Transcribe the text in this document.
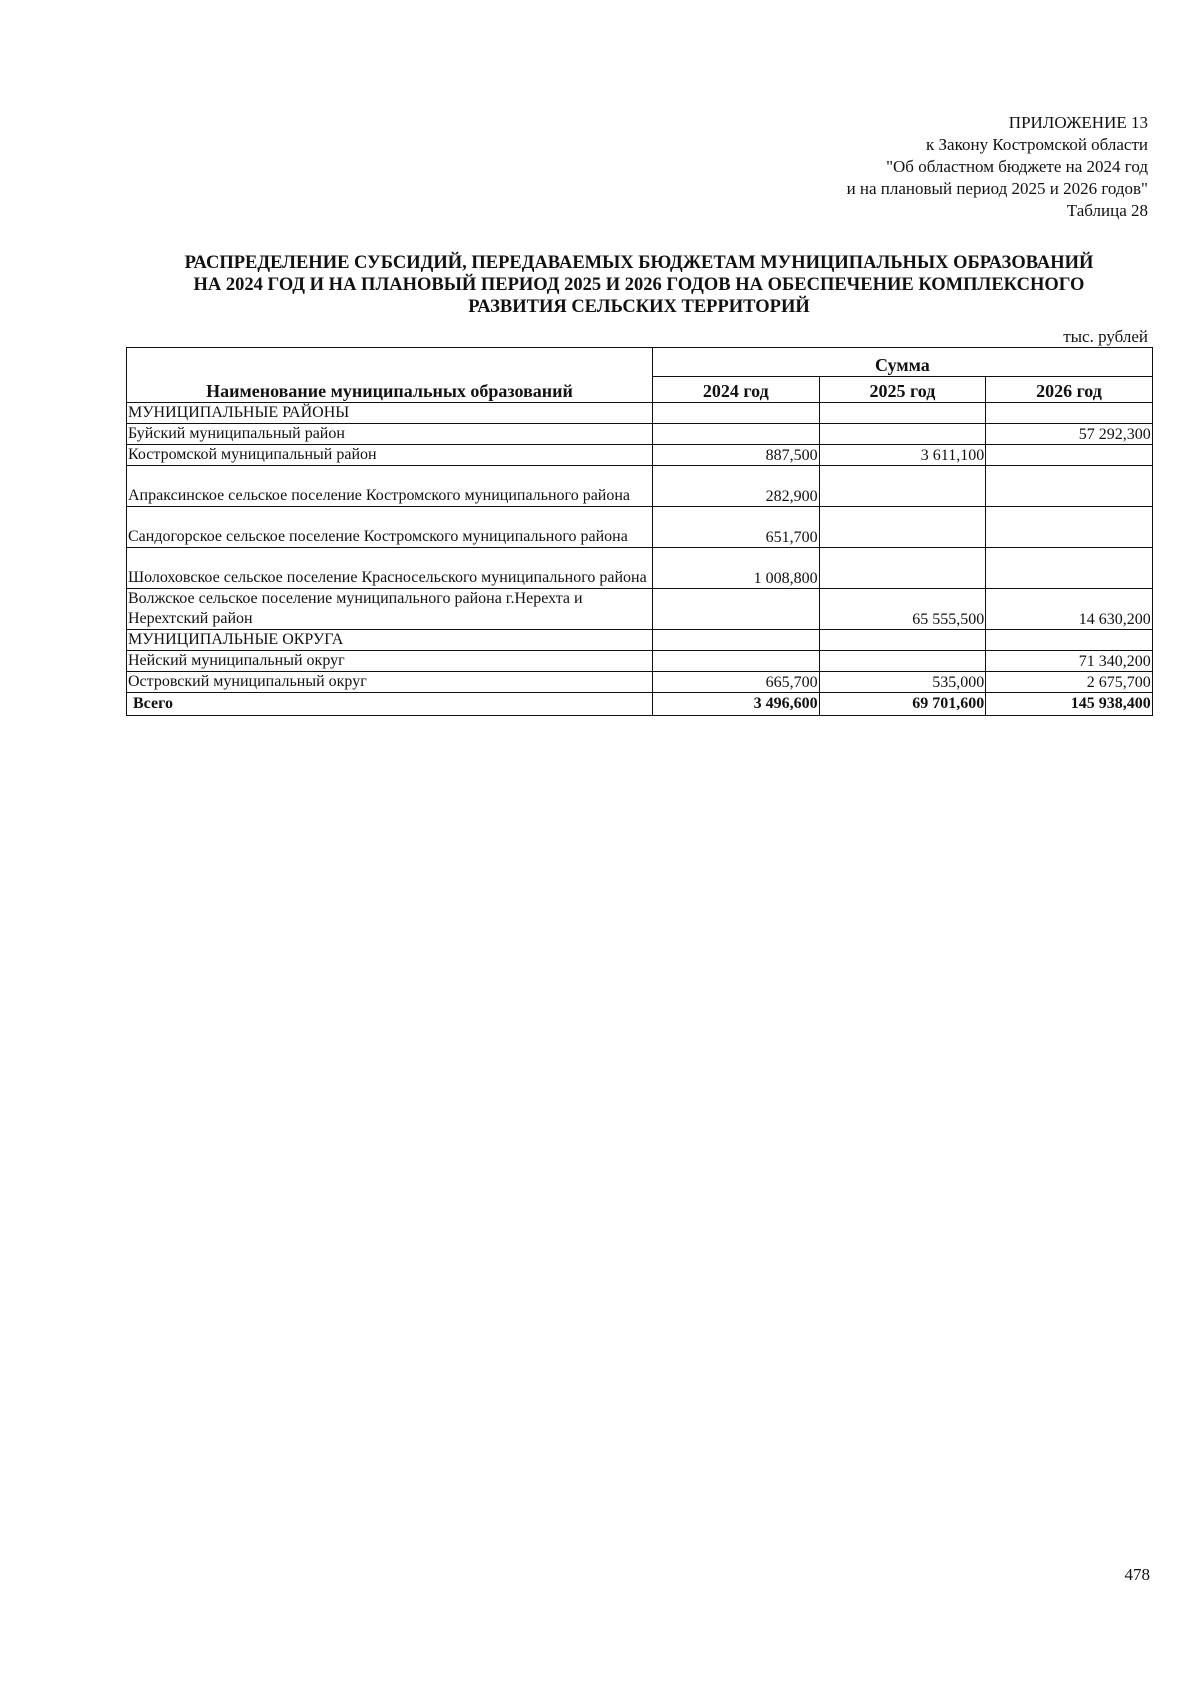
ПРИЛОЖЕНИЕ 13
к Закону Костромской области
"Об областном бюджете на 2024 год
и на плановый период 2025 и 2026 годов"
Таблица 28
РАСПРЕДЕЛЕНИЕ СУБСИДИЙ, ПЕРЕДАВАЕМЫХ БЮДЖЕТАМ МУНИЦИПАЛЬНЫХ ОБРАЗОВАНИЙ
НА 2024 ГОД И НА ПЛАНОВЫЙ ПЕРИОД 2025 И 2026 ГОДОВ НА ОБЕСПЕЧЕНИЕ КОМПЛЕКСНОГО
РАЗВИТИЯ СЕЛЬСКИХ ТЕРРИТОРИЙ
тыс. рублей
Наименование муниципальных образований	Сумма		
	2024 год	2025 год	2026 год
МУНИЦИПАЛЬНЫЕ РАЙОНЫ			
Буйский муниципальный район			57 292,300
Костромской муниципальный район	887,500	3 611,100	
Апраксинское сельское поселение Костромского муниципального района	282,900		
Сандогорское сельское поселение Костромского муниципального района	651,700		
Шолоховское сельское поселение Красносельского муниципального района	1 008,800		
Волжское сельское поселение муниципального района г.Нерехта и Нерехтский район		65 555,500	14 630,200
МУНИЦИПАЛЬНЫЕ ОКРУГА			
Нейский муниципальный округ			71 340,200
Островский муниципальный округ	665,700	535,000	2 675,700
Всего	3 496,600	69 701,600	145 938,400
478
